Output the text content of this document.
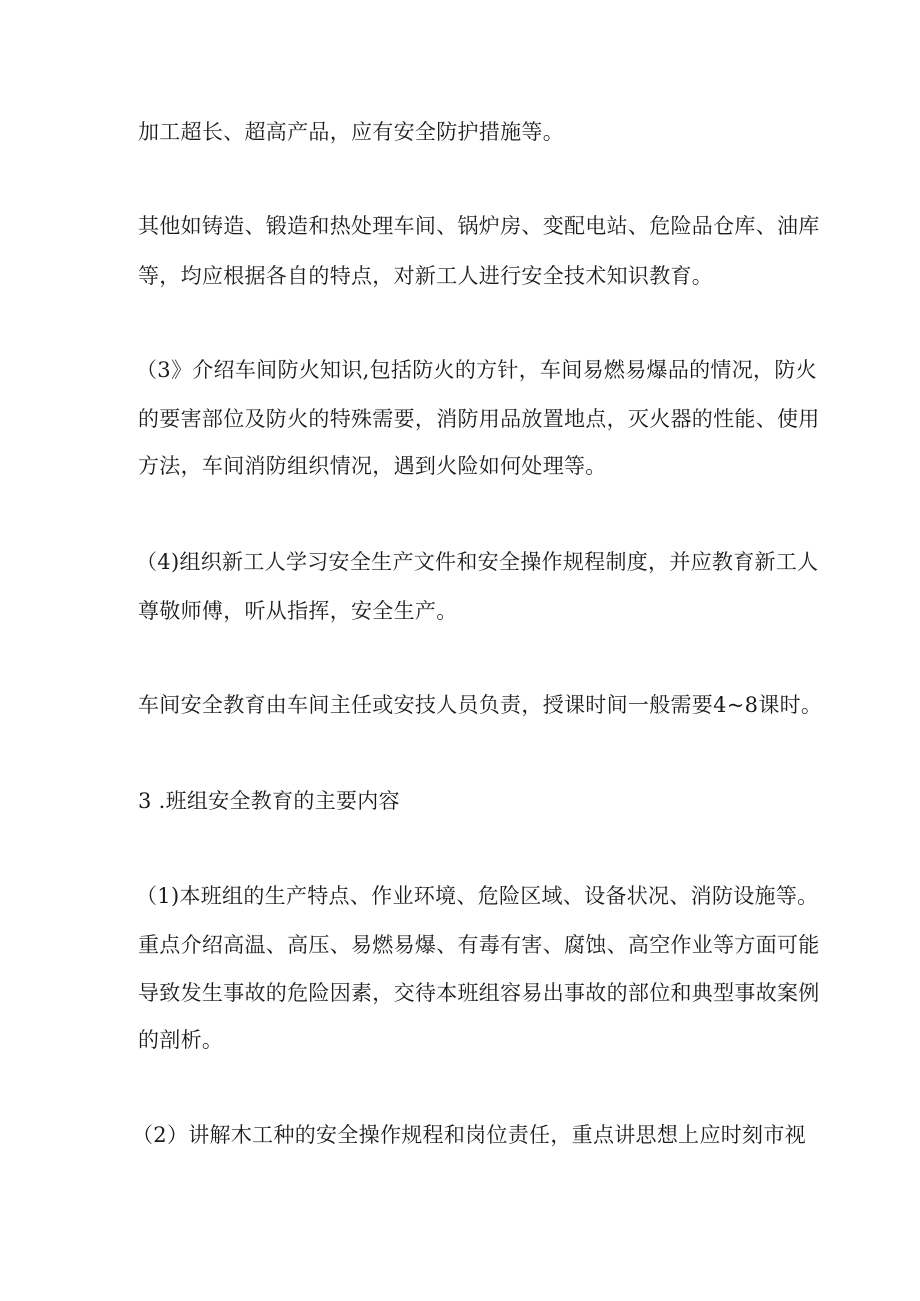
加工超长、超高产品，应有安全防护措施等。
其他如铸造、锻造和热处理车间、锅炉房、变配电站、危险品仓库、油库
等，均应根据各自的特点，对新工人进行安全技术知识教育。
（3》介绍车间防火知识,包括防火的方针，车间易燃易爆品的情况，防火
的要害部位及防火的特殊需要，消防用品放置地点，灭火器的性能、使用
方法，车间消防组织情况，遇到火险如何处理等。
（4)组织新工人学习安全生产文件和安全操作规程制度，并应教育新工人
尊敬师傅，听从指挥，安全生产。
车间安全教育由车间主任或安技人员负责，授课时间一般需要4~8课时。
3 .班组安全教育的主要内容
（1)本班组的生产特点、作业环境、危险区域、设备状况、消防设施等。
重点介绍高温、高压、易燃易爆、有毒有害、腐蚀、高空作业等方面可能
导致发生事故的危险因素，交待本班组容易出事故的部位和典型事故案例
的剖析。
（2）讲解木工种的安全操作规程和岗位责任，重点讲思想上应时刻市视
